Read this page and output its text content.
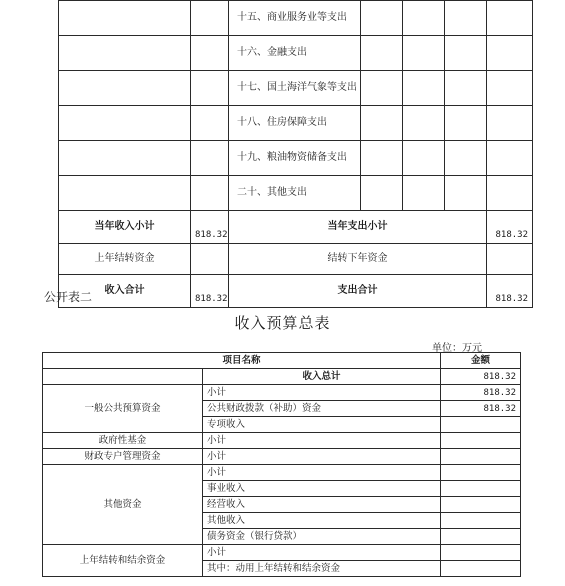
		十五、商业服务业等支出				
		十六、金融支出				
		十七、国土海洋气象等支出				
		十八、住房保障支出				
		十九、粮油物资储备支出				
		二十、其他支出				
当年收入小计	818.32	当年支出小计				818.32
上年结转资金		结转下年资金				
收入合计	818.32	支出合计				818.32
公开表二
收入预算总表
单位：万元
项目名称		金额
	收入总计	818.32
一般公共预算资金	小计	818.32
	公共财政拨款（补助）资金	818.32
	专项收入	
政府性基金	小计	
财政专户管理资金	小计	
其他资金	小计	
	事业收入	
	经营收入	
	其他收入	
	债务资金（银行贷款）	
上年结转和结余资金	小计	
	其中：动用上年结转和结余资金	
